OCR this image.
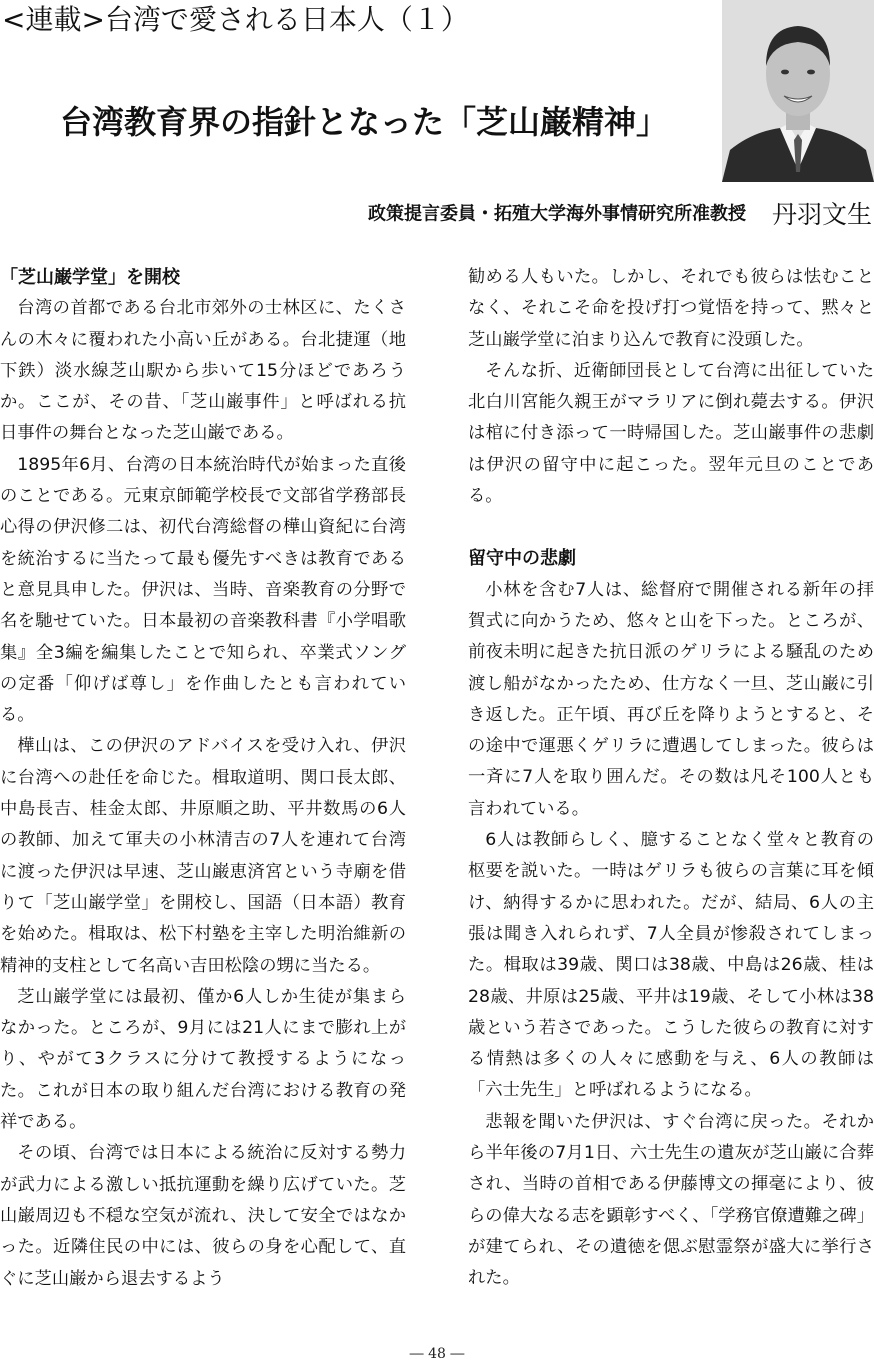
<連載>台湾で愛される日本人（１）
台湾教育界の指針となった「芝山巌精神」
政策提言委員・拓殖大学海外事情研究所准教授 丹羽文生
「芝山巌学堂」を開校

台湾の首都である台北市郊外の士林区に、たくさんの木々に覆われた小高い丘がある。台北捷運（地下鉄）淡水線芝山駅から歩いて15分ほどであろうか。ここが、その昔、「芝山巌事件」と呼ばれる抗日事件の舞台となった芝山巌である。

1895年6月、台湾の日本統治時代が始まった直後のことである。元東京師範学校長で文部省学務部長心得の伊沢修二は、初代台湾総督の樺山資紀に台湾を統治するに当たって最も優先すべきは教育であると意見具申した。伊沢は、当時、音楽教育の分野で名を馳せていた。日本最初の音楽教科書『小学唱歌集』全3編を編集したことで知られ、卒業式ソングの定番「仰げば尊し」を作曲したとも言われている。

樺山は、この伊沢のアドバイスを受け入れ、伊沢に台湾への赴任を命じた。楫取道明、関口長太郎、中島長吉、桂金太郎、井原順之助、平井数馬の6人の教師、加えて軍夫の小林清吉の7人を連れて台湾に渡った伊沢は早速、芝山巌恵済宮という寺廟を借りて「芝山巌学堂」を開校し、国語（日本語）教育を始めた。楫取は、松下村塾を主宰した明治維新の精神的支柱として名高い吉田松陰の甥に当たる。

芝山巌学堂には最初、僅か6人しか生徒が集まらなかった。ところが、9月には21人にまで膨れ上がり、やがて3クラスに分けて教授するようになった。これが日本の取り組んだ台湾における教育の発祥である。

その頃、台湾では日本による統治に反対する勢力が武力による激しい抵抗運動を繰り広げていた。芝山巌周辺も不穏な空気が流れ、決して安全ではなかった。近隣住民の中には、彼らの身を心配して、直ぐに芝山巌から退去するよう

勧める人もいた。しかし、それでも彼らは怯むことなく、それこそ命を投げ打つ覚悟を持って、黙々と芝山巌学堂に泊まり込んで教育に没頭した。

そんな折、近衛師団長として台湾に出征していた北白川宮能久親王がマラリアに倒れ薨去する。伊沢は棺に付き添って一時帰国した。芝山巌事件の悲劇は伊沢の留守中に起こった。翌年元旦のことである。

留守中の悲劇

小林を含む7人は、総督府で開催される新年の拝賀式に向かうため、悠々と山を下った。ところが、前夜未明に起きた抗日派のゲリラによる騒乱のため渡し船がなかったため、仕方なく一旦、芝山巌に引き返した。正午頃、再び丘を降りようとすると、その途中で運悪くゲリラに遭遇してしまった。彼らは一斉に7人を取り囲んだ。その数は凡そ100人とも言われている。

6人は教師らしく、臆することなく堂々と教育の枢要を説いた。一時はゲリラも彼らの言葉に耳を傾け、納得するかに思われた。だが、結局、6人の主張は聞き入れられず、7人全員が惨殺されてしまった。楫取は39歳、関口は38歳、中島は26歳、桂は28歳、井原は25歳、平井は19歳、そして小林は38歳という若さであった。こうした彼らの教育に対する情熱は多くの人々に感動を与え、6人の教師は「六士先生」と呼ばれるようになる。

悲報を聞いた伊沢は、すぐ台湾に戻った。それから半年後の7月1日、六士先生の遺灰が芝山巌に合葬され、当時の首相である伊藤博文の揮毫により、彼らの偉大なる志を顕彰すべく、「学務官僚遭難之碑」が建てられ、その遺徳を偲ぶ慰霊祭が盛大に挙行された。

― 48 ―
